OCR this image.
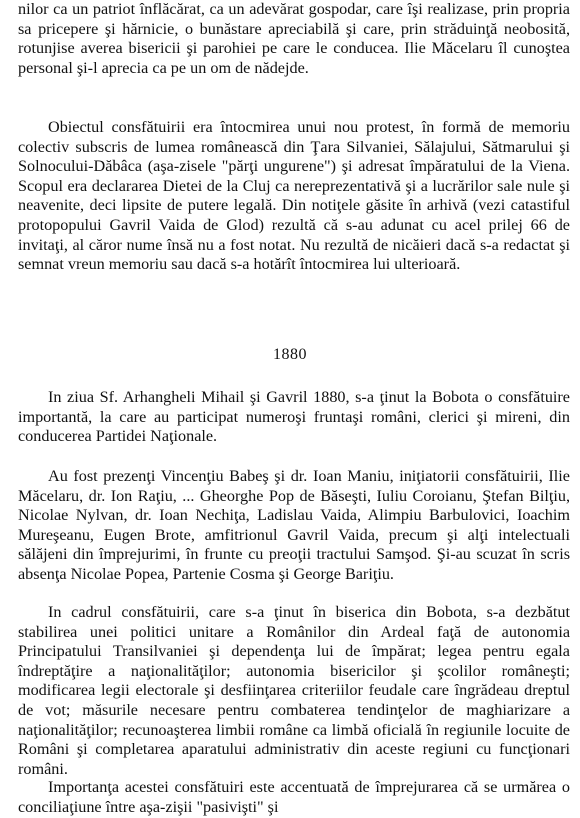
nilor ca un patriot înflăcărat, ca un adevărat gospodar, care îşi realizase, prin propria sa pricepere şi hărnicie, o bunăstare apreciabilă şi care, prin străduinţă neobosită, rotunjise averea bisericii şi parohiei pe care le conducea. Ilie Măcelaru îl cunoştea personal şi-l aprecia ca pe un om de nădejde.

Obiectul consfătuirii era întocmirea unui nou protest, în formă de memoriu colectiv subscris de lumea românească din Ţara Silvaniei, Sălajului, Sătmarului şi Solnocului-Dăbâca (aşa-zisele "părţi ungurene") şi adresat împăratului de la Viena. Scopul era declararea Dietei de la Cluj ca nereprezentativă şi a lucrărilor sale nule şi neavenite, deci lipsite de putere legală. Din notiţele găsite în arhivă (vezi catastiful protopopului Gavril Vaida de Glod) rezultă că s-au adunat cu acel prilej 66 de invitaţi, al căror nume însă nu a fost notat. Nu rezultă de nicăieri dacă s-a redactat şi semnat vreun memoriu sau dacă s-a hotărît întocmirea lui ulterioară.

1880

In ziua Sf. Arhangheli Mihail şi Gavril 1880, s-a ţinut la Bobota o consfătuire importantă, la care au participat numeroşi fruntaşi români, clerici şi mireni, din conducerea Partidei Naţionale.

Au fost prezenţi Vincenţiu Babeş şi dr. Ioan Maniu, iniţiatorii consfătuirii, Ilie Măcelaru, dr. Ion Raţiu, ... Gheorghe Pop de Băseşti, Iuliu Coroianu, Ştefan Bilţiu, Nicolae Nylvan, dr. Ioan Nechiţa, Ladislau Vaida, Alimpiu Barbulovici, Ioachim Mureşeanu, Eugen Brote, amfitrionul Gavril Vaida, precum şi alţi intelectuali sălăjeni din împrejurimi, în frunte cu preoţii tractului Samşod. Şi-au scuzat în scris absenţa Nicolae Popea, Partenie Cosma şi George Bariţiu.

In cadrul consfătuirii, care s-a ţinut în biserica din Bobota, s-a dezbătut stabilirea unei politici unitare a Românilor din Ardeal faţă de autonomia Principatului Transilvaniei şi dependenţa lui de împărat; legea pentru egala îndreptăţire a naţionalităţilor; autonomia bisericilor şi şcolilor româneşti; modificarea legii electorale şi desfiinţarea criteriilor feudale care îngrădeau dreptul de vot; măsurile necesare pentru combaterea tendinţelor de maghiarizare a naţionalităţilor; recunoaşterea limbii române ca limbă oficială în regiunile locuite de Români şi completarea aparatului administrativ din aceste regiuni cu funcţionari români.

Importanţa acestei consfătuiri este accentuată de împrejurarea că se urmărea o conciliaţiune între aşa-zişii "pasivişti" şi
